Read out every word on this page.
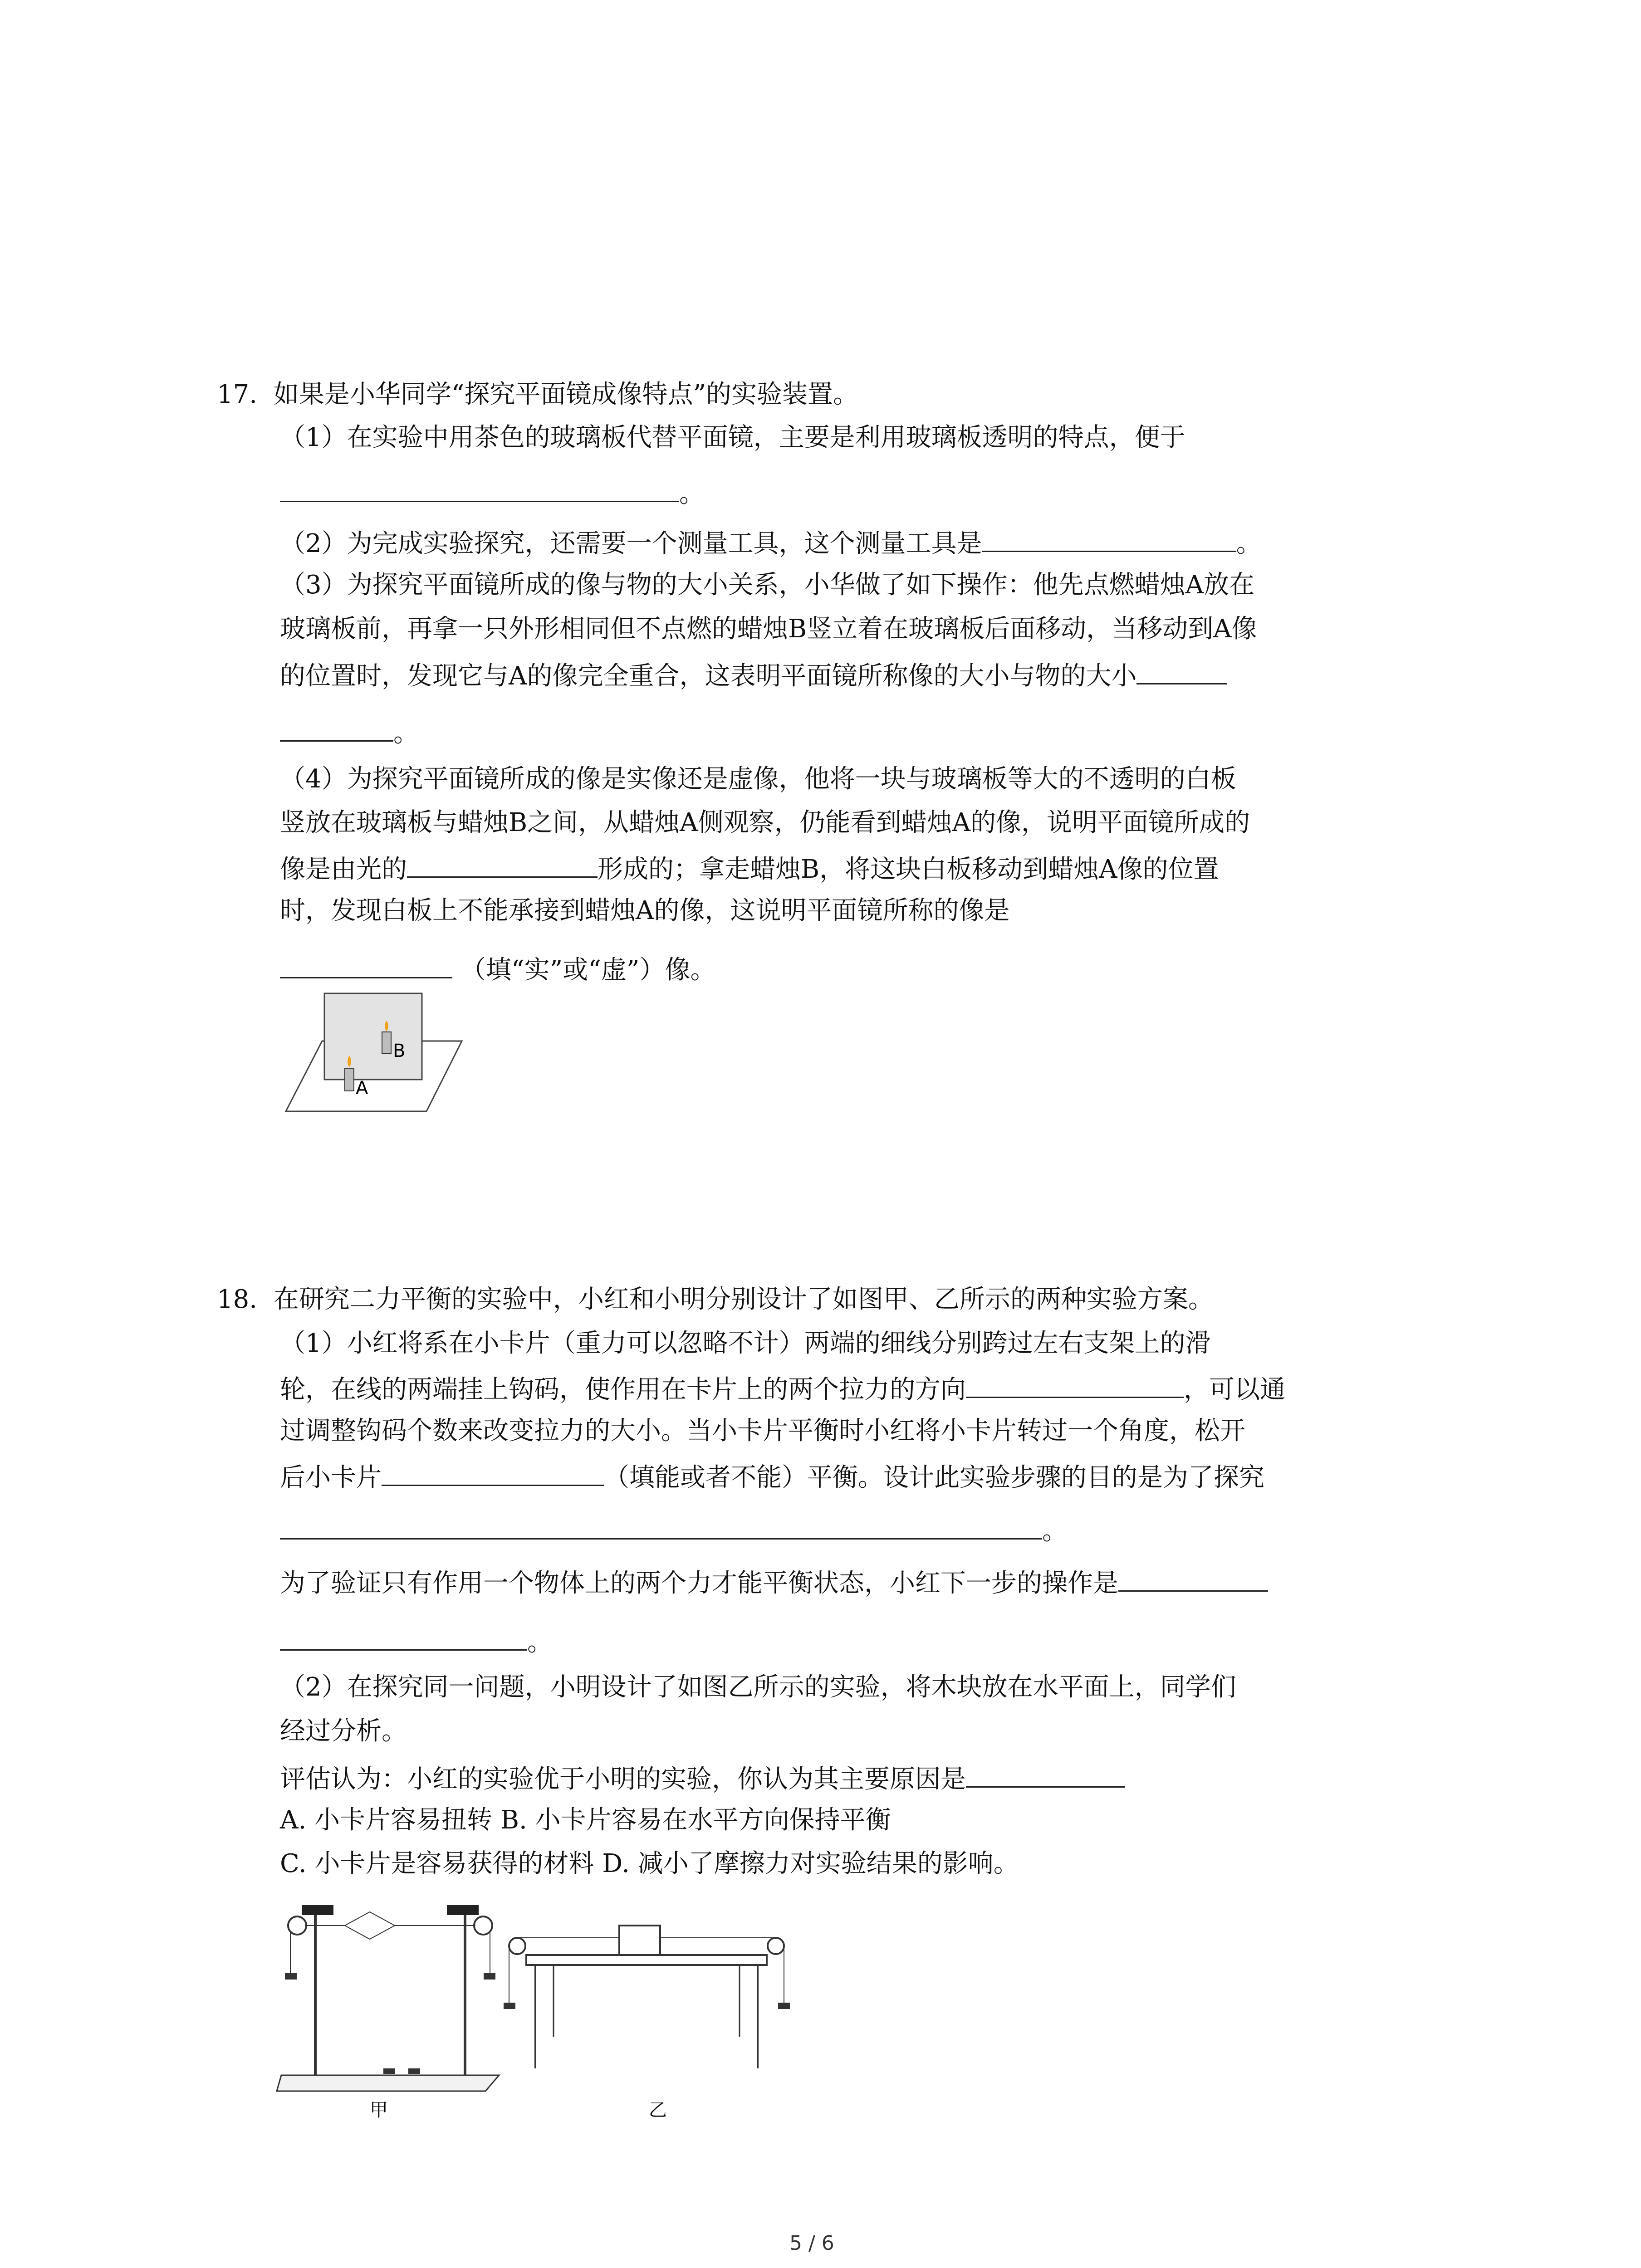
17. 如果是小华同学“探究平面镜成像特点”的实验装置。
（1）在实验中用茶色的玻璃板代替平面镜，主要是利用玻璃板透明的特点，便于
。
（2）为完成实验探究，还需要一个测量工具，这个测量工具是	。
（3）为探究平面镜所成的像与物的大小关系，小华做了如下操作：他先点燃蜡烛A放在
玻璃板前，再拿一只外形相同但不点燃的蜡烛B竖立着在玻璃板后面移动，当移动到A像
的位置时，发现它与A的像完全重合，这表明平面镜所称像的大小与物的大小
。
（4）为探究平面镜所成的像是实像还是虚像，他将一块与玻璃板等大的不透明的白板
竖放在玻璃板与蜡烛B之间，从蜡烛A侧观察，仍能看到蜡烛A的像，说明平面镜所成的
像是由光的	形成的；拿走蜡烛B，将这块白板移动到蜡烛A像的位置
时，发现白板上不能承接到蜡烛A的像，这说明平面镜所称的像是
（填“实”或“虚”）像。
B
A
18. 在研究二力平衡的实验中，小红和小明分别设计了如图甲、乙所示的两种实验方案。
（1）小红将系在小卡片（重力可以忽略不计）两端的细线分别跨过左右支架上的滑
轮，在线的两端挂上钩码，使作用在卡片上的两个拉力的方向	，可以通
过调整钩码个数来改变拉力的大小。当小卡片平衡时小红将小卡片转过一个角度，松开
后小卡片	（填能或者不能）平衡。设计此实验步骤的目的是为了探究
。
为了验证只有作用一个物体上的两个力才能平衡状态，小红下一步的操作是
。
（2）在探究同一问题，小明设计了如图乙所示的实验，将木块放在水平面上，同学们
经过分析。
评估认为：小红的实验优于小明的实验，你认为其主要原因是
A. 小卡片容易扭转 B. 小卡片容易在水平方向保持平衡
C. 小卡片是容易获得的材料 D. 减小了摩擦力对实验结果的影响。
甲	乙
5 / 6
